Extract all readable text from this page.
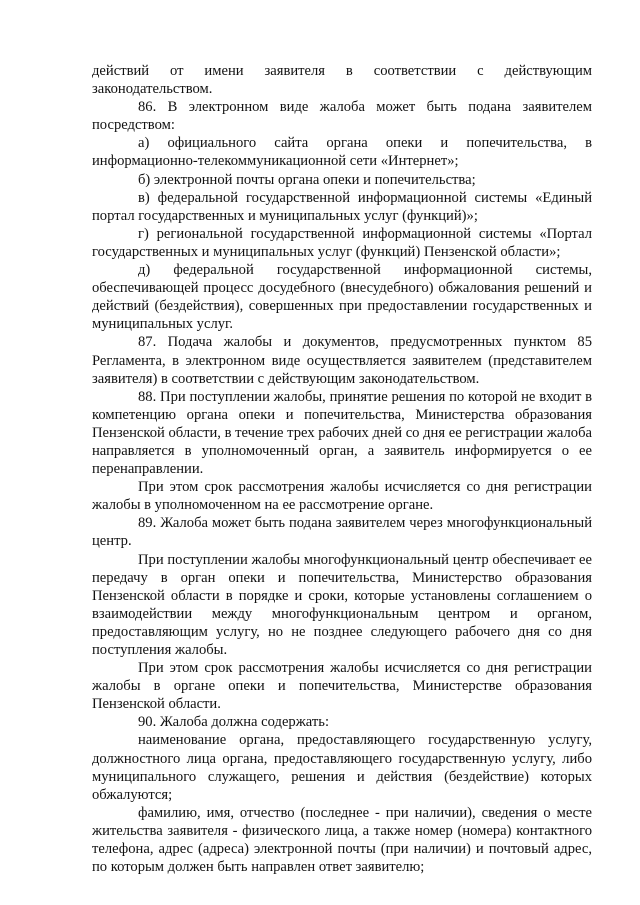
действий от имени заявителя в соответствии с действующим законодательством.

86. В электронном виде жалоба может быть подана заявителем посредством:

а) официального сайта органа опеки и попечительства, в информационно-телекоммуникационной сети «Интернет»;

б) электронной почты органа опеки и попечительства;

в) федеральной государственной информационной системы «Единый портал государственных и муниципальных услуг (функций)»;

г) региональной государственной информационной системы «Портал государственных и муниципальных услуг (функций) Пензенской области»;

д) федеральной государственной информационной системы, обеспечивающей процесс досудебного (внесудебного) обжалования решений и действий (бездействия), совершенных при предоставлении государственных и муниципальных услуг.

87. Подача жалобы и документов, предусмотренных пунктом 85 Регламента, в электронном виде осуществляется заявителем (представителем заявителя) в соответствии с действующим законодательством.

88. При поступлении жалобы, принятие решения по которой не входит в компетенцию органа опеки и попечительства, Министерства образования Пензенской области, в течение трех рабочих дней со дня ее регистрации жалоба направляется в уполномоченный орган, а заявитель информируется о ее перенаправлении.

При этом срок рассмотрения жалобы исчисляется со дня регистрации жалобы в уполномоченном на ее рассмотрение органе.

89. Жалоба может быть подана заявителем через многофункциональный центр.

При поступлении жалобы многофункциональный центр обеспечивает ее передачу в орган опеки и попечительства, Министерство образования Пензенской области в порядке и сроки, которые установлены соглашением о взаимодействии между многофункциональным центром и органом, предоставляющим услугу, но не позднее следующего рабочего дня со дня поступления жалобы.

При этом срок рассмотрения жалобы исчисляется со дня регистрации жалобы в органе опеки и попечительства, Министерстве образования Пензенской области.

90. Жалоба должна содержать:

наименование органа, предоставляющего государственную услугу, должностного лица органа, предоставляющего государственную услугу, либо муниципального служащего, решения и действия (бездействие) которых обжалуются;

фамилию, имя, отчество (последнее - при наличии), сведения о месте жительства заявителя - физического лица, а также номер (номера) контактного телефона, адрес (адреса) электронной почты (при наличии) и почтовый адрес, по которым должен быть направлен ответ заявителю;
